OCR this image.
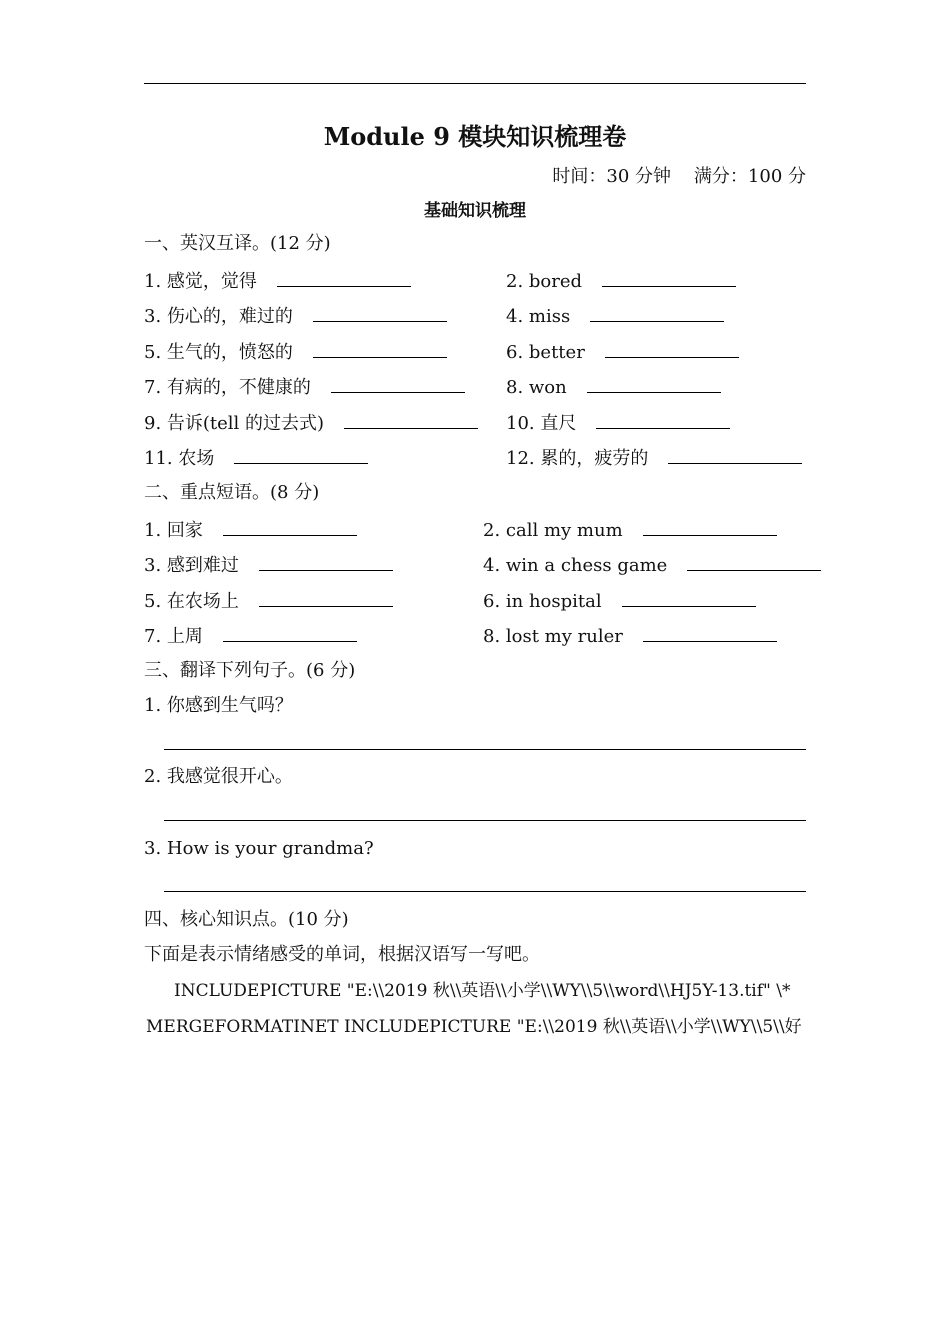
Module 9 模块知识梳理卷
时间：30 分钟    满分：100 分
基础知识梳理
一、英汉互译。(12 分)
1. 感觉，觉得	2. bored
3. 伤心的，难过的	4. miss
5. 生气的，愤怒的	6. better
7. 有病的，不健康的	8. won
9. 告诉(tell 的过去式)	10. 直尺
11. 农场	12. 累的，疲劳的
二、重点短语。(8 分)
1. 回家	2. call my mum
3. 感到难过	4. win a chess game
5. 在农场上	6. in hospital
7. 上周	8. lost my ruler
三、翻译下列句子。(6 分)
1. 你感到生气吗？
2. 我感觉很开心。
3. How is your grandma?
四、核心知识点。(10 分)
下面是表示情绪感受的单词，根据汉语写一写吧。
INCLUDEPICTURE "E:\\2019 秋\\英语\\小学\\WY\\5\\word\\HJ5Y-13.tif" \*
MERGEFORMATINET INCLUDEPICTURE "E:\\2019 秋\\英语\\小学\\WY\\5\\好
